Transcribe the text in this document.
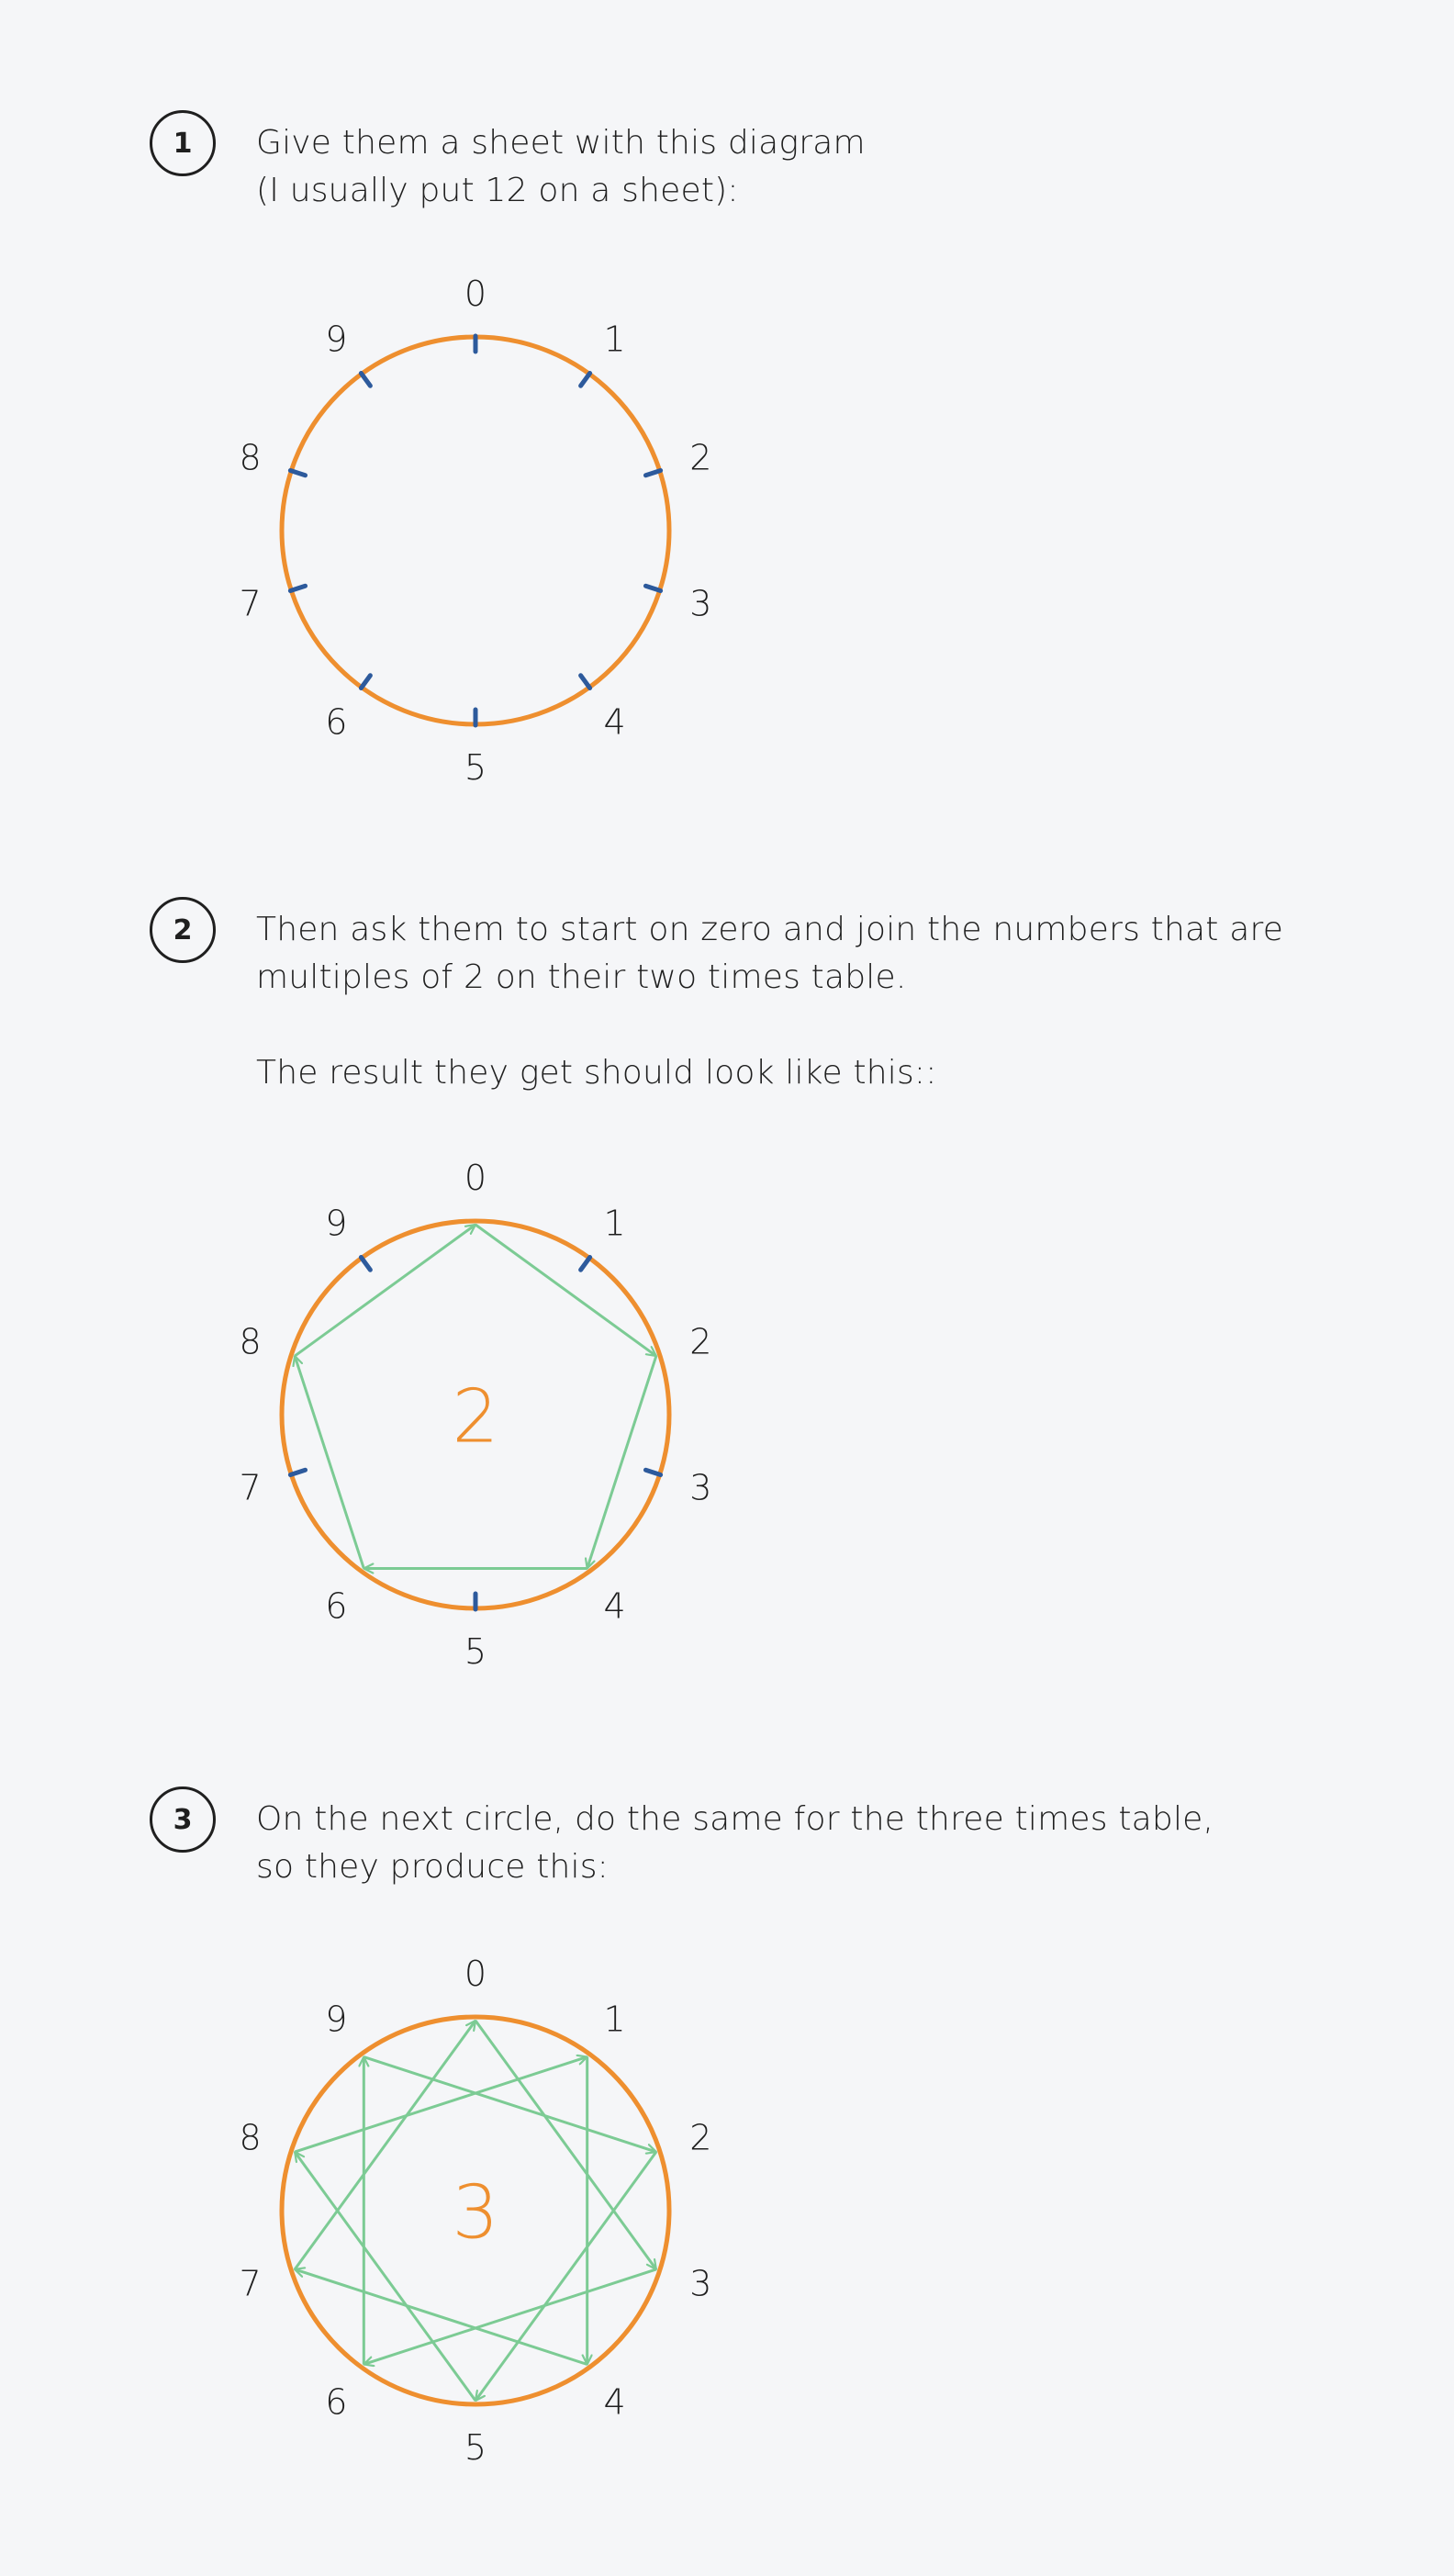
1	Give them a sheet with this diagram

(I usually put 12 on a sheet):

0
1
2
3
4
5
6
7
8
9
2	Then ask them to start on zero and join the numbers that are

multiples of 2 on their two times table.

The result they get should look like this::

0
1
2
3
4
5
6
7
8
9
2
3	On the next circle, do the same for the three times table,

so they produce this:

0
1
2
3
4
5
6
7
8
9
3
